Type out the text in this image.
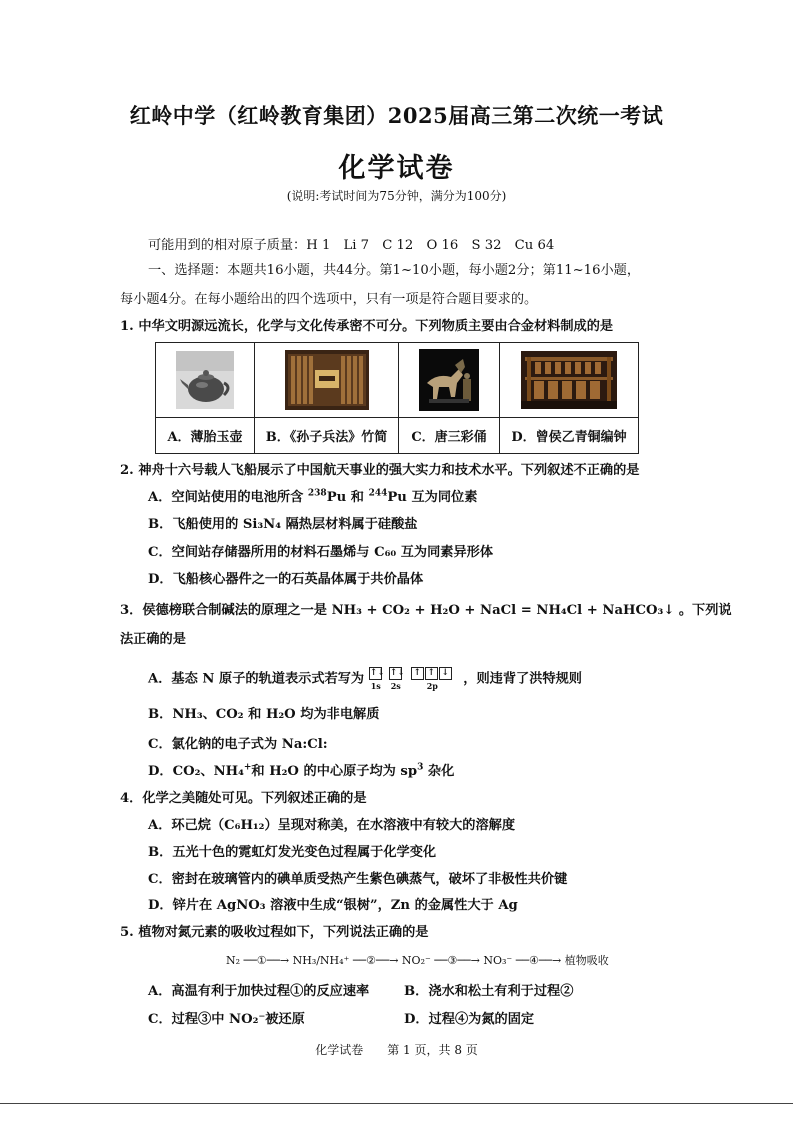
红岭中学（红岭教育集团）2025届高三第二次统一考试
化学试卷
(说明:考试时间为75分钟，满分为100分)
可能用到的相对原子质量：H 1　Li 7　C 12　O 16　S 32　Cu 64
一、选择题：本题共16小题，共44分。第1~10小题，每小题2分；第11~16小题，
每小题4分。在每小题给出的四个选项中，只有一项是符合题目要求的。
1. 中华文明源远流长，化学与文化传承密不可分。下列物质主要由合金材料制成的是

A．薄胎玉壶	B．《孙子兵法》竹简	C．唐三彩俑	D．曾侯乙青铜编钟
2. 神舟十六号载人飞船展示了中国航天事业的强大实力和技术水平。下列叙述不正确的是
A．空间站使用的电池所含 $^{238}$Pu 和 $^{244}$Pu 互为同位素
B．飞船使用的 Si₃N₄ 隔热层材料属于硅酸盐
C．空间站存储器所用的材料石墨烯与 C₆₀ 互为同素异形体
D．飞船核心器件之一的石英晶体属于共价晶体
3．侯德榜联合制碱法的原理之一是 NH₃ + CO₂ + H₂O + NaCl = NH₄Cl + NaHCO₃↓ 。下列说
法正确的是
A．基态 N 原子的轨道表示式若写为 ↑↓ ↑↓ ↑ ↑ ↓
1s 2s	2p ，则违背了洪特规则
B．NH₃、CO₂ 和 H₂O 均为非电解质
C．氯化钠的电子式为 Na:Cl:
D．CO₂、NH₄+和 H₂O 的中心原子均为 $sp^3$ 杂化
4．化学之美随处可见。下列叙述正确的是
A．环己烷（C₆H₁₂）呈现对称美，在水溶液中有较大的溶解度
B．五光十色的霓虹灯发光变色过程属于化学变化
C．密封在玻璃管内的碘单质受热产生紫色碘蒸气，破坏了非极性共价键
D．锌片在 AgNO₃ 溶液中生成“银树”，Zn 的金属性大于 Ag
5. 植物对氮元素的吸收过程如下，下列说法正确的是
N₂ ──①──→ NH₃/NH₄⁺ ──②──→ NO₂⁻ ──③──→ NO₃⁻ ──④──→ 植物吸收
A．高温有利于加快过程①的反应速率	B．浇水和松土有利于过程②
C．过程③中 NO₂⁻被还原	D．过程④为氮的固定
化学试卷　　第 1 页，共 8 页
